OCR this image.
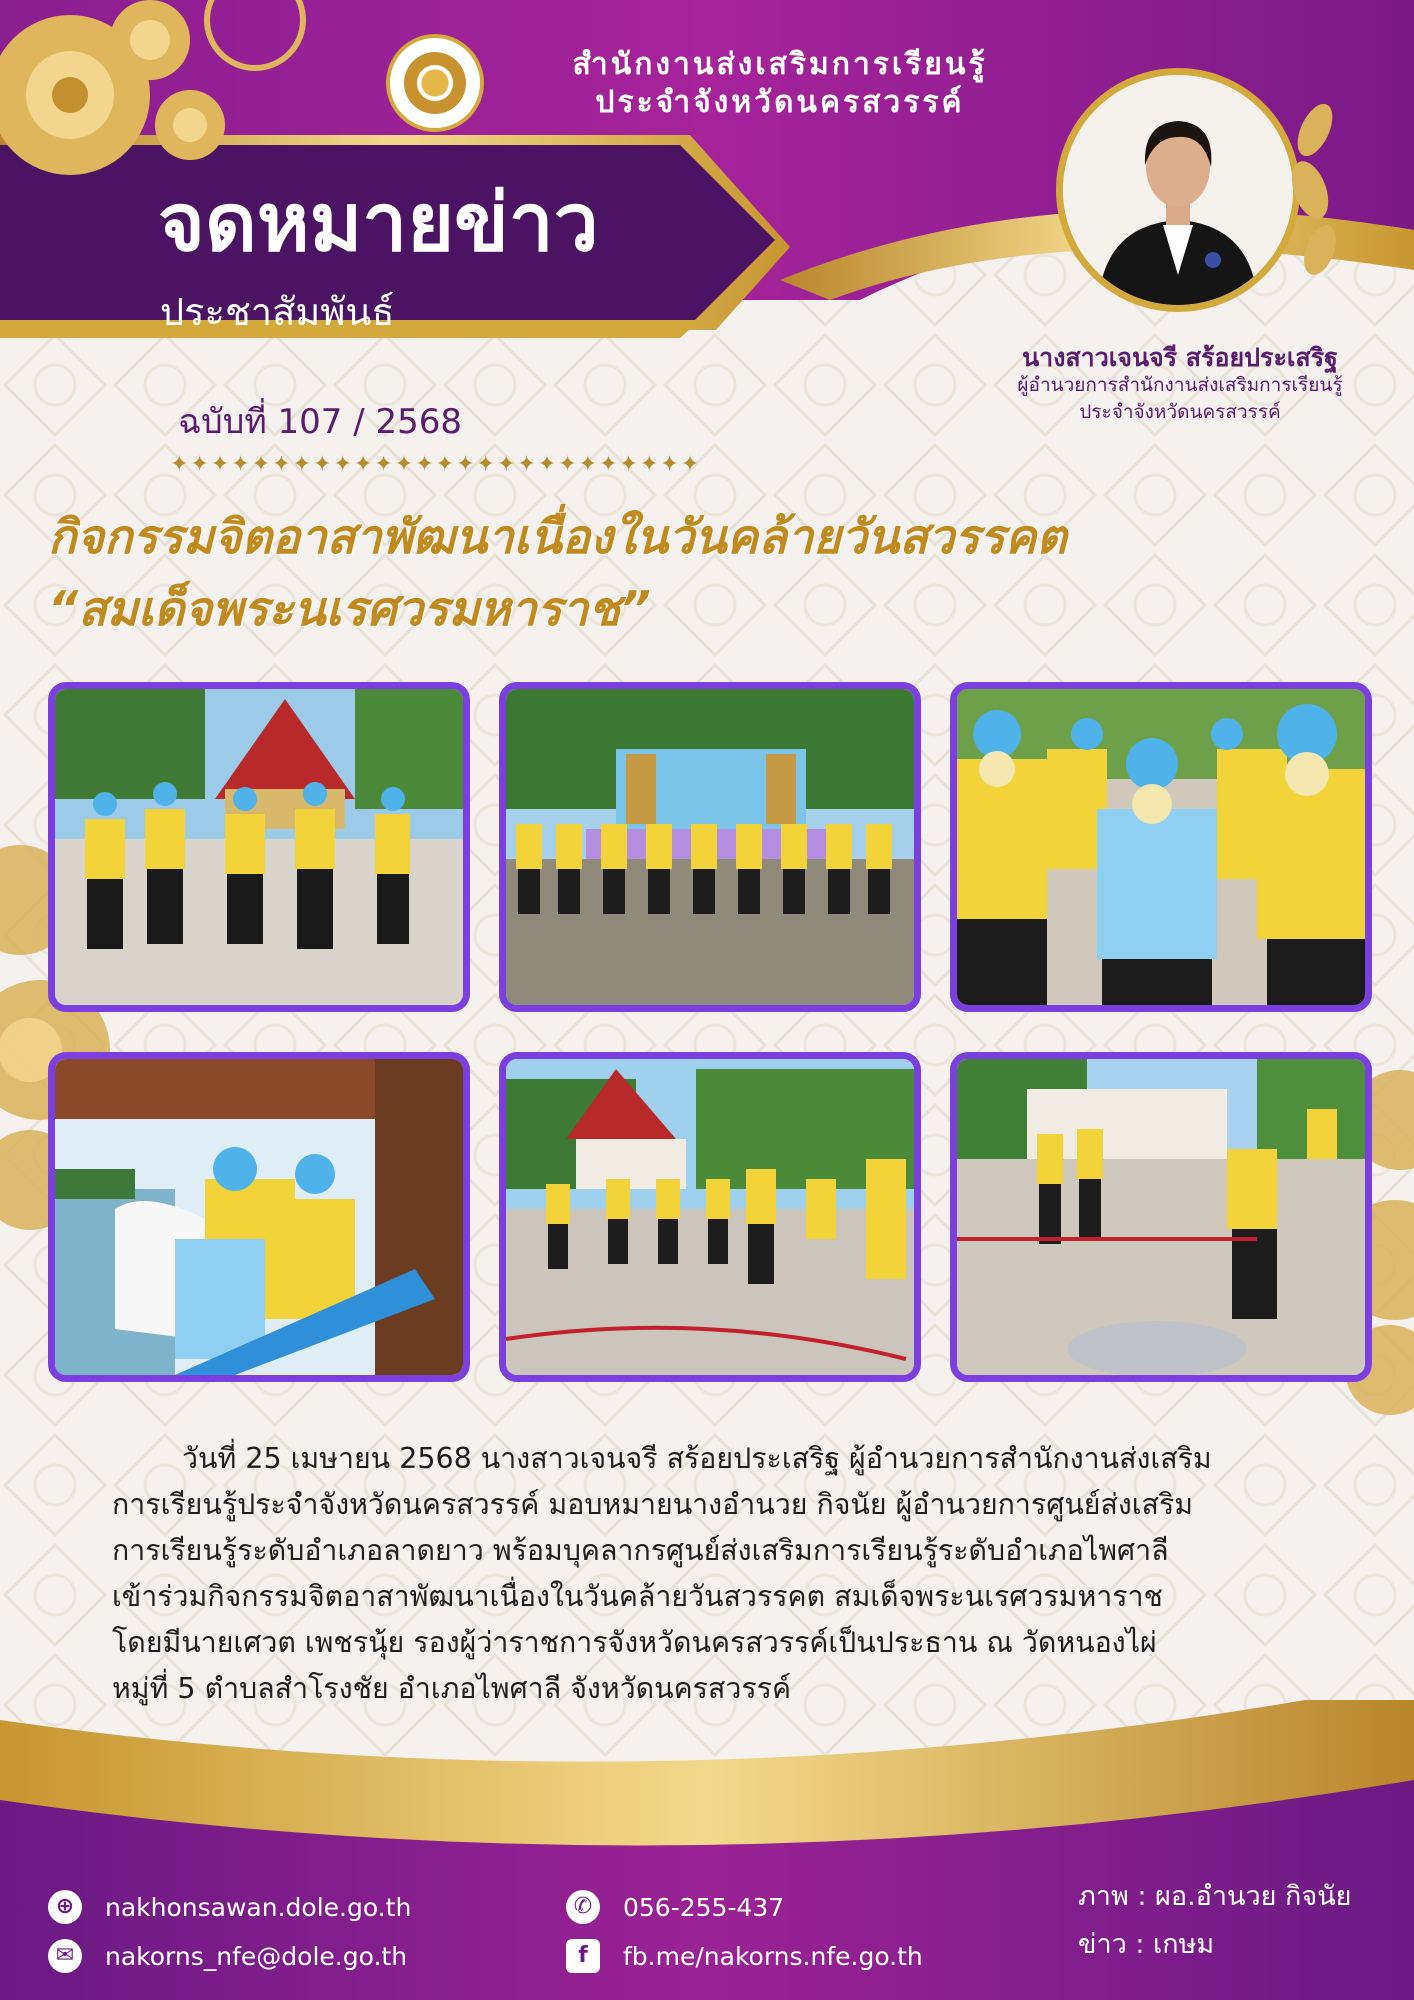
สำนักงานส่งเสริมการเรียนรู้
ประจำจังหวัดนครสวรรค์
จดหมายข่าว
ประชาสัมพันธ์
ฉบับที่ 107 / 2568
✦✦✦✦✦✦✦✦✦✦✦✦✦✦✦✦✦✦✦✦✦✦✦✦✦✦
นางสาวเจนจรี สร้อยประเสริฐ
ผู้อำนวยการสำนักงานส่งเสริมการเรียนรู้
ประจำจังหวัดนครสวรรค์
กิจกรรมจิตอาสาพัฒนาเนื่องในวันคล้ายวันสวรรคต
“สมเด็จพระนเรศวรมหาราช”
วันที่ 25 เมษายน 2568 นางสาวเจนจรี สร้อยประเสริฐ ผู้อำนวยการสำนักงานส่งเสริม
การเรียนรู้ประจำจังหวัดนครสวรรค์ มอบหมายนางอำนวย กิจนัย ผู้อำนวยการศูนย์ส่งเสริม
การเรียนรู้ระดับอำเภอลาดยาว พร้อมบุคลากรศูนย์ส่งเสริมการเรียนรู้ระดับอำเภอไพศาลี
เข้าร่วมกิจกรรมจิตอาสาพัฒนาเนื่องในวันคล้ายวันสวรรคต สมเด็จพระนเรศวรมหาราช
โดยมีนายเศวต เพชรนุ้ย รองผู้ว่าราชการจังหวัดนครสวรรค์เป็นประธาน ณ วัดหนองไผ่
หมู่ที่ 5 ตำบลสำโรงชัย อำเภอไพศาลี จังหวัดนครสวรรค์
⊕	nakhonsawan.dole.go.th
✉	nakorns_nfe@dole.go.th
✆	056-255-437
f	fb.me/nakorns.nfe.go.th
ภาพ : ผอ.อำนวย กิจนัย
ข่าว : เกษม
